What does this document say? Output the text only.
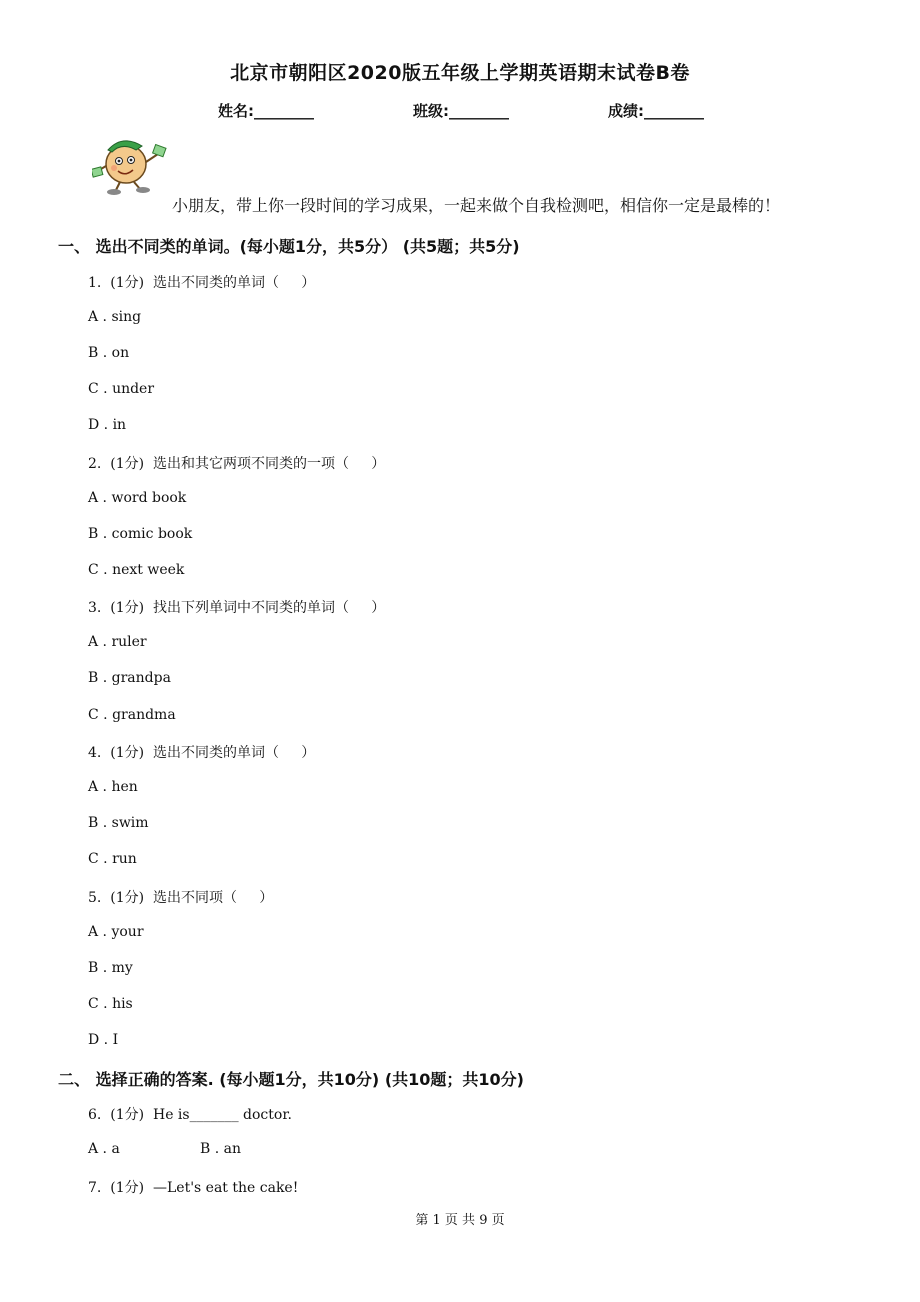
北京市朝阳区2020版五年级上学期英语期末试卷B卷
姓名:________	班级:________	成绩:________
小朋友，带上你一段时间的学习成果，一起来做个自我检测吧，相信你一定是最棒的！
一、 选出不同类的单词。(每小题1分，共5分） (共5题；共5分)
1.  (1分)  选出不同类的单词（     ）
A . sing
B . on
C . under
D . in
2.  (1分)  选出和其它两项不同类的一项（     ）
A . word book
B . comic book
C . next week
3.  (1分)  找出下列单词中不同类的单词（     ）
A . ruler
B . grandpa
C . grandma
4.  (1分)  选出不同类的单词（     ）
A . hen
B . swim
C . run
5.  (1分)  选出不同项（     ）
A . your
B . my
C . his
D . I
二、 选择正确的答案. (每小题1分，共10分) (共10题；共10分)
6.  (1分)  He is_______ doctor.
A . a	B . an
7.  (1分)  —Let's eat the cake!
第 1 页 共 9 页
